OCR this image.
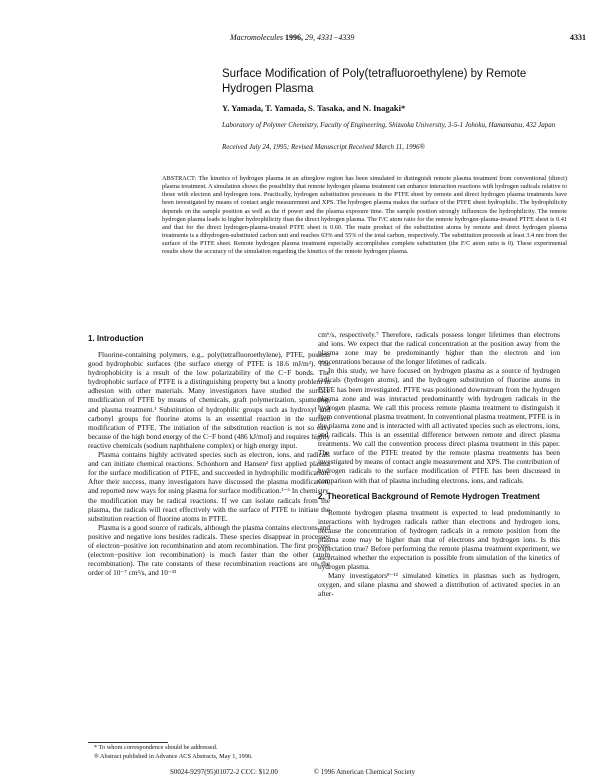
Macromolecules 1996, 29, 4331−4339	4331
Surface Modification of Poly(tetrafluoroethylene) by Remote Hydrogen Plasma
Y. Yamada, T. Yamada, S. Tasaka, and N. Inagaki*
Laboratory of Polymer Chemistry, Faculty of Engineering, Shizuoka University, 3-5-1 Johoku, Hamamatsu, 432 Japan
Received July 24, 1995; Revised Manuscript Received March 11, 1996®
ABSTRACT: The kinetics of hydrogen plasma in an afterglow region has been simulated to distinguish remote plasma treatment from conventional (direct) plasma treatment. A simulation shows the possibility that remote hydrogen plasma treatment can enhance interaction reactions with hydrogen radicals relative to those with electron and hydrogen ions. Practically, hydrogen substitution processes in the PTFE sheet by remote and direct hydrogen plasma treatments have been investigated by means of contact angle measurement and XPS. The hydrogen plasma makes the surface of the PTFE sheet hydrophilic. The hydrophilicity depends on the sample position as well as the rf power and the plasma exposure time. The sample position strongly influences the hydrophilicity. The remote hydrogen plasma leads to higher hydrophilicity than the direct hydrogen plasma. The F/C atom ratio for the remote hydrogen-plasma-treated PTFE sheet is 0.41 and that for the direct hydrogen-plasma-treated PTFE sheet is 0.60. The main product of the substitution atoms by remote and direct hydrogen plasma treatments is a dihydrogen-substituted carbon unit and reaches 63% and 55% of the total carbon, respectively. The substitution proceeds at least 3.4 nm from the surface of the PTFE sheet. Remote hydrogen plasma treatment especially accomplishes complete substitution (the F/C atom ratio is 0). These experimental results show the accuracy of the simulation regarding the kinetics of the remote hydrogen plasma.
1. Introduction

Fluorine-containing polymers, e.g., poly(tetrafluoroethylene), PTFE, possess good hydrophobic surfaces (the surface energy of PTFE is 18.6 mJ/m²). The hydrophobicity is a result of the low polarizability of the C−F bonds. The hydrophobic surface of PTFE is a distinguishing property but a knotty problem in adhesion with other materials. Many investigators have studied the surface modification of PTFE by means of chemicals, graft polymerization, sputtering, and plasma treatment.¹ Substitution of hydrophilic groups such as hydroxyl and carbonyl groups for fluorine atoms is an essential reaction in the surface modification of PTFE. The initiation of the substitution reaction is not so easy because of the high bond energy of the C−F bond (486 kJ/mol) and requires highly reactive chemicals (sodium naphthalene complex) or high energy input.

Plasma contains highly activated species such as electron, ions, and radicals and can initiate chemical reactions. Schonhorn and Hansen² first applied plasma for the surface modification of PTFE, and succeeded in hydrophilic modification. After their success, many investigators have discussed the plasma modification, and reported new ways for using plasma for surface modification.³⁻⁶ In chemistry, the modification may be radical reactions. If we can isolate radicals from the plasma, the radicals will react effectively with the surface of PTFE to initiate the substitution reaction of fluorine atoms in PTFE.

Plasma is a good source of radicals, although the plasma contains electrons and positive and negative ions besides radicals. These species disappear in processes of electron−positive ion recombination and atom recombination. The first process (electron−positive ion recombination) is much faster than the other (atom recombination). The rate constants of these recombination reactions are on the order of 10⁻⁷ cm³/s, and 10⁻³³

cm⁶/s, respectively.⁷ Therefore, radicals possess longer lifetimes than electrons and ions. We expect that the radical concentration at the position away from the plasma zone may be predominantly higher than the electron and ion concentrations because of the longer lifetimes of radicals.

In this study, we have focused on hydrogen plasma as a source of hydrogen radicals (hydrogen atoms), and the hydrogen substitution of fluorine atoms in PTFE has been investigated. PTFE was positioned downstream from the hydrogen plasma zone and was interacted predominantly with hydrogen radicals in the hydrogen plasma. We call this process remote plasma treatment to distinguish it from conventional plasma treatment. In conventional plasma treatment, PTFE is in the plasma zone and is interacted with all activated species such as electrons, ions, and radicals. This is an essential difference between remote and direct plasma treatments. We call the convention process direct plasma treatment in this paper. The surface of the PTFE treated by the remote plasma treatments has been investigated by means of contact angle measurement and XPS. The contribution of hydrogen radicals to the surface modification of PTFE has been discussed in comparison with that of plasma including electrons, ions, and radicals.

2. Theoretical Background of Remote Hydrogen Treatment

Remote hydrogen plasma treatment is expected to lead predominantly to interactions with hydrogen radicals rather than electrons and hydrogen ions, because the concentration of hydrogen radicals in a remote position from the plasma zone may be higher than that of electrons and hydrogen ions. Is this expectation true? Before performing the remote plasma treatment experiment, we ascertained whether the expectation is possible from simulation of the kinetics of hydrogen plasma.

Many investigators⁸⁻¹² simulated kinetics in plasmas such as hydrogen, oxygen, and silane plasma and showed a distribution of activated species in an after-

* To whom correspondence should be addressed.
® Abstract published in Advance ACS Abstracts, May 1, 1996.
S0024-9297(95)01072-2 CCC: $12.00	© 1996 American Chemical Society
